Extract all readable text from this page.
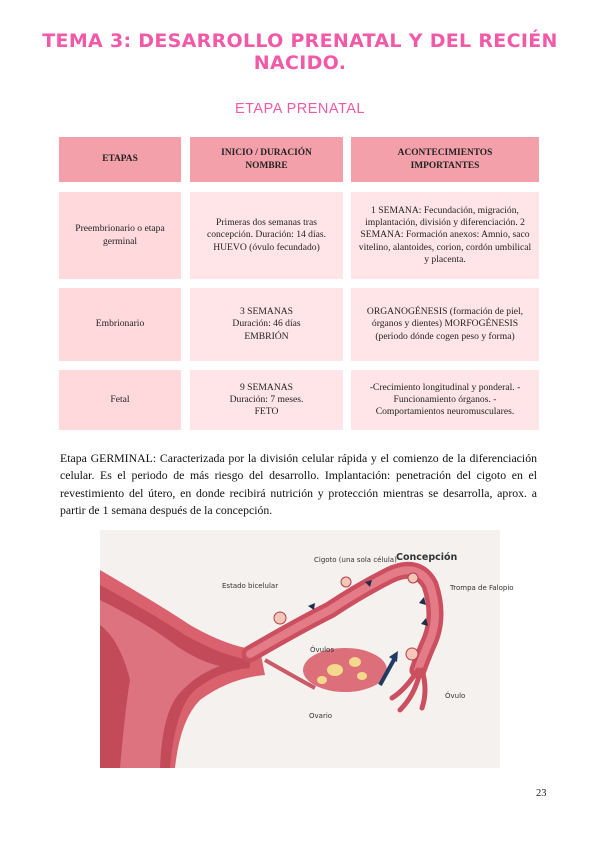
TEMA 3: DESARROLLO PRENATAL Y DEL RECIÉN NACIDO.
ETAPA PRENATAL
ETAPAS
INICIO / DURACIÓN NOMBRE
ACONTECIMIENTOS IMPORTANTES
Preembrionario o etapa germinal
Primeras dos semanas tras concepción. Duración: 14 días. HUEVO (óvulo fecundado)
1 SEMANA: Fecundación, migración, implantación, división y diferenciación. 2 SEMANA: Formación anexos: Amnio, saco vitelino, alantoides, corion, cordón umbilical y placenta.
Embrionario
3 SEMANAS Duración: 46 días EMBRIÓN
ORGANOGÉNESIS (formación de piel, órganos y dientes) MORFOGÉNESIS (periodo dónde cogen peso y forma)
Fetal
9 SEMANAS Duración: 7 meses. FETO
-Crecimiento longitudinal y ponderal. -Funcionamiento órganos. -Comportamientos neuromusculares.
Etapa GERMINAL: Caracterizada por la división celular rápida y el comienzo de la diferenciación celular. Es el periodo de más riesgo del desarrollo. Implantación: penetración del cigoto en el revestimiento del útero, en donde recibirá nutrición y protección mientras se desarrolla, aprox. a partir de 1 semana después de la concepción.
Cigoto (una sola célula) Concepción
Estado bicelular	Trompa de Falopio
Óvulos
Óvulo
Ovario
23
